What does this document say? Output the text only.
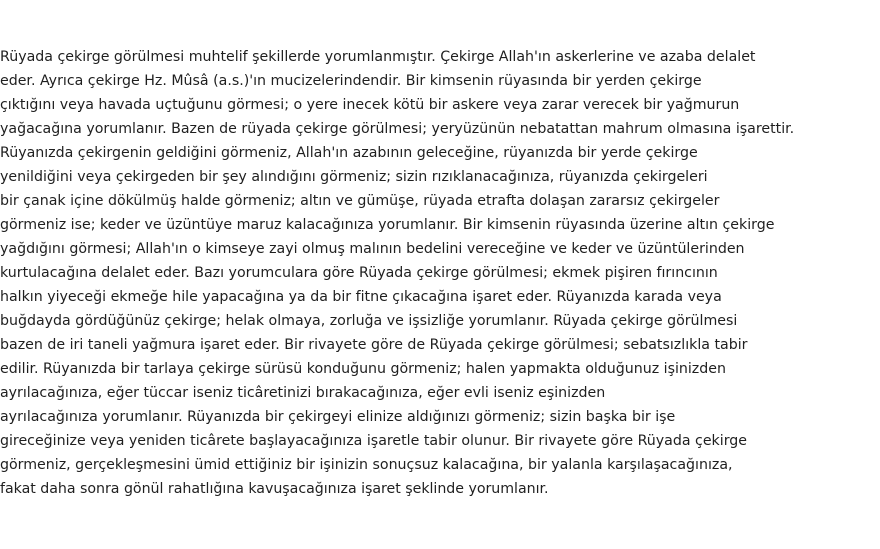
Rüyada çekirge görülmesi muhtelif şekillerde yorumlanmıştır. Çekirge Allah'ın askerlerine ve azaba delalet
eder. Ayrıca çekirge Hz. Mûsâ (a.s.)'ın mucizelerindendir. Bir kimsenin rüyasında bir yerden çekirge
çıktığını veya havada uçtuğunu görmesi; o yere inecek kötü bir askere veya zarar verecek bir yağmurun
yağacağına yorumlanır. Bazen de rüyada çekirge görülmesi; yeryüzünün nebatattan mahrum olmasına işarettir.
Rüyanızda çekirgenin geldiğini görmeniz, Allah'ın azabının geleceğine, rüyanızda bir yerde çekirge
yenildiğini veya çekirgeden bir şey alındığını görmeniz; sizin rızıklanacağınıza, rüyanızda çekirgeleri
bir çanak içine dökülmüş halde görmeniz; altın ve gümüşe, rüyada etrafta dolaşan zararsız çekirgeler
görmeniz ise; keder ve üzüntüye maruz kalacağınıza yorumlanır. Bir kimsenin rüyasında üzerine altın çekirge
yağdığını görmesi; Allah'ın o kimseye zayi olmuş malının bedelini vereceğine ve keder ve üzüntülerinden
kurtulacağına delalet eder. Bazı yorumculara göre Rüyada çekirge görülmesi; ekmek pişiren fırıncının
halkın yiyeceği ekmeğe hile yapacağına ya da bir fitne çıkacağına işaret eder. Rüyanızda karada veya
buğdayda gördüğünüz çekirge; helak olmaya, zorluğa ve işsizliğe yorumlanır. Rüyada çekirge görülmesi
bazen de iri taneli yağmura işaret eder. Bir rivayete göre de Rüyada çekirge görülmesi; sebatsızlıkla tabir
edilir. Rüyanızda bir tarlaya çekirge sürüsü konduğunu görmeniz; halen yapmakta olduğunuz işinizden
ayrılacağınıza, eğer tüccar iseniz ticâretinizi bırakacağınıza, eğer evli iseniz eşinizden
ayrılacağınıza yorumlanır. Rüyanızda bir çekirgeyi elinize aldığınızı görmeniz; sizin başka bir işe
gireceğinize veya yeniden ticârete başlayacağınıza işaretle tabir olunur. Bir rivayete göre Rüyada çekirge
görmeniz, gerçekleşmesini ümid ettiğiniz bir işinizin sonuçsuz kalacağına, bir yalanla karşılaşacağınıza,
fakat daha sonra gönül rahatlığına kavuşacağınıza işaret şeklinde yorumlanır.
